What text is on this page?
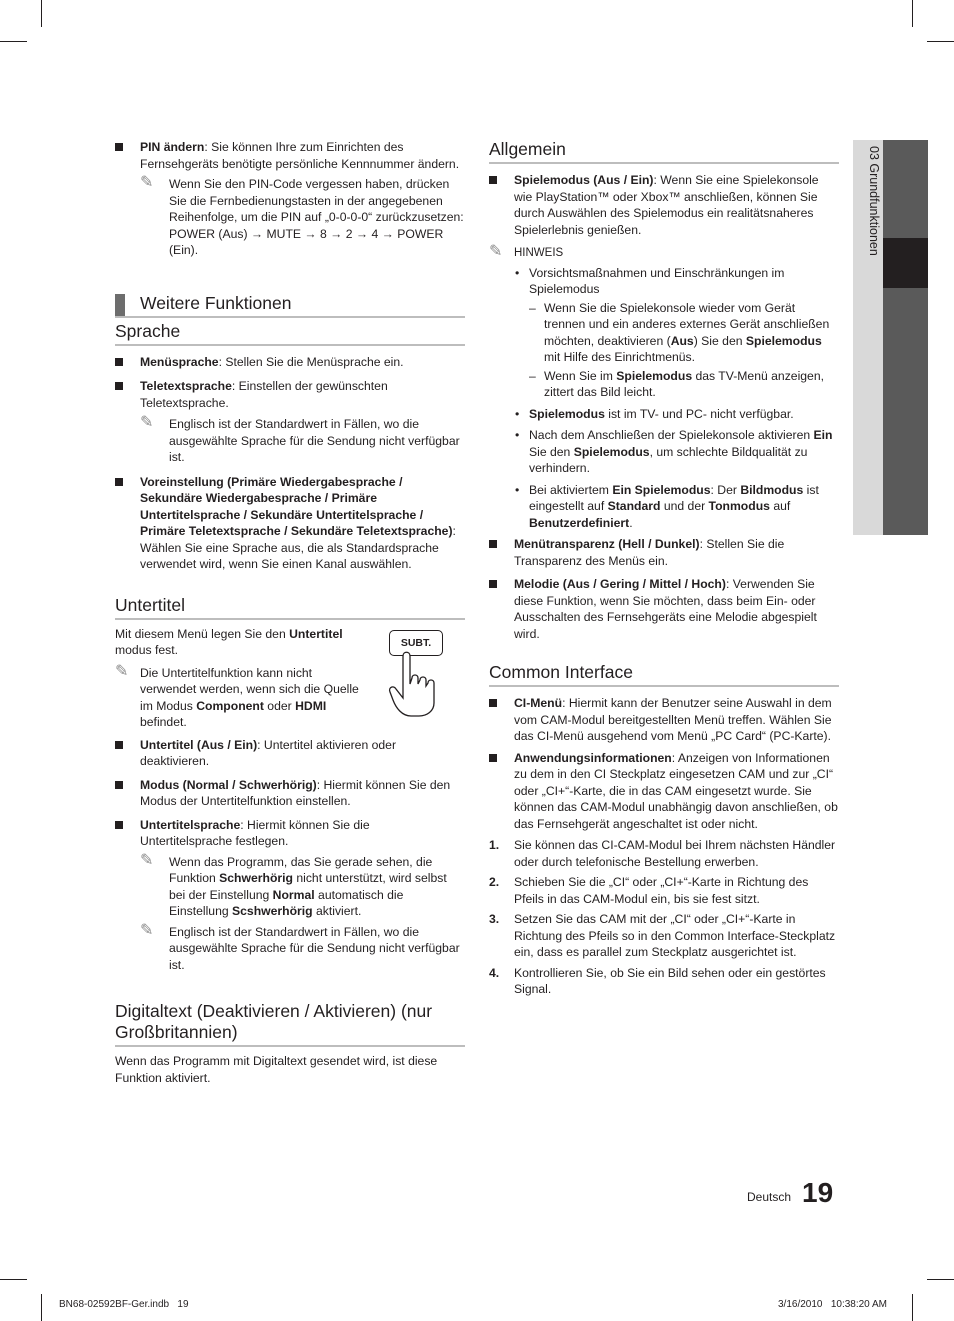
03 Grundfunktionen
PIN ändern: Sie können Ihre zum Einrichten des Fernsehgeräts benötigte persönliche Kennnummer ändern.
✎ Wenn Sie den PIN-Code vergessen haben, drücken Sie die Fernbedienungstasten in der angegebenen Reihenfolge, um die PIN auf „0-0-0-0“ zurückzusetzen: POWER (Aus) → MUTE → 8 → 2 → 4 → POWER (Ein).
Weitere Funktionen
Sprache
Menüsprache: Stellen Sie die Menüsprache ein.
Teletextsprache: Einstellen der gewünschten Teletextsprache.
✎ Englisch ist der Standardwert in Fällen, wo die ausgewählte Sprache für die Sendung nicht verfügbar ist.
Voreinstellung (Primäre Wiedergabesprache / Sekundäre Wiedergabesprache / Primäre Untertitelsprache / Sekundäre Untertitelsprache / Primäre Teletextsprache / Sekundäre Teletextsprache): Wählen Sie eine Sprache aus, die als Standardsprache verwendet wird, wenn Sie einen Kanal auswählen.
Untertitel
Mit diesem Menü legen Sie den Untertitel modus fest.
✎ Die Untertitelfunktion kann nicht verwendet werden, wenn sich die Quelle im Modus Component oder HDMI befindet.
SUBT.
Untertitel (Aus / Ein): Untertitel aktivieren oder deaktivieren.
Modus (Normal / Schwerhörig): Hiermit können Sie den Modus der Untertitelfunktion einstellen.
Untertitelsprache: Hiermit können Sie die Untertitelsprache festlegen.
✎ Wenn das Programm, das Sie gerade sehen, die Funktion Schwerhörig nicht unterstützt, wird selbst bei der Einstellung Normal automatisch die Einstellung Scshwerhörig aktiviert.
✎ Englisch ist der Standardwert in Fällen, wo die ausgewählte Sprache für die Sendung nicht verfügbar ist.
Digitaltext (Deaktivieren / Aktivieren) (nur Großbritannien)
Wenn das Programm mit Digitaltext gesendet wird, ist diese Funktion aktiviert.
Allgemein
Spielemodus (Aus / Ein): Wenn Sie eine Spielekonsole wie PlayStation™ oder Xbox™ anschließen, können Sie durch Auswählen des Spielemodus ein realitätsnaheres Spielerlebnis genießen.
✎ HINWEIS
• Vorsichtsmaßnahmen und Einschränkungen im Spielemodus
– Wenn Sie die Spielekonsole wieder vom Gerät trennen und ein anderes externes Gerät anschließen möchten, deaktivieren (Aus) Sie den Spielemodus mit Hilfe des Einrichtmenüs.
– Wenn Sie im Spielemodus das TV-Menü anzeigen, zittert das Bild leicht.
• Spielemodus ist im TV- und PC- nicht verfügbar.
• Nach dem Anschließen der Spielekonsole aktivieren Ein Sie den Spielemodus, um schlechte Bildqualität zu verhindern.
• Bei aktiviertem Ein Spielemodus: Der Bildmodus ist eingestellt auf Standard und der Tonmodus auf Benutzerdefiniert.
Menütransparenz (Hell / Dunkel): Stellen Sie die Transparenz des Menüs ein.
Melodie (Aus / Gering / Mittel / Hoch): Verwenden Sie diese Funktion, wenn Sie möchten, dass beim Ein- oder Ausschalten des Fernsehgeräts eine Melodie abgespielt wird.
Common Interface
CI-Menü: Hiermit kann der Benutzer seine Auswahl in dem vom CAM-Modul bereitgestellten Menü treffen. Wählen Sie das CI-Menü ausgehend vom Menü „PC Card“ (PC-Karte).
Anwendungsinformationen: Anzeigen von Informationen zu dem in den CI Steckplatz eingesetzen CAM und zur „CI“ oder „CI+“-Karte, die in das CAM eingesetzt wurde. Sie können das CAM-Modul unabhängig davon anschließen, ob das Fernsehgerät angeschaltet ist oder nicht.
1. Sie können das CI-CAM-Modul bei Ihrem nächsten Händler oder durch telefonische Bestellung erwerben.
2. Schieben Sie die „CI“ oder „CI+“-Karte in Richtung des Pfeils in das CAM-Modul ein, bis sie fest sitzt.
3. Setzen Sie das CAM mit der „CI“ oder „CI+“-Karte in Richtung des Pfeils so in den Common Interface-Steckplatz ein, dass es parallel zum Steckplatz ausgerichtet ist.
4. Kontrollieren Sie, ob Sie ein Bild sehen oder ein gestörtes Signal.
Deutsch 19
BN68-02592BF-Ger.indb   19	3/16/2010   10:38:20 AM
